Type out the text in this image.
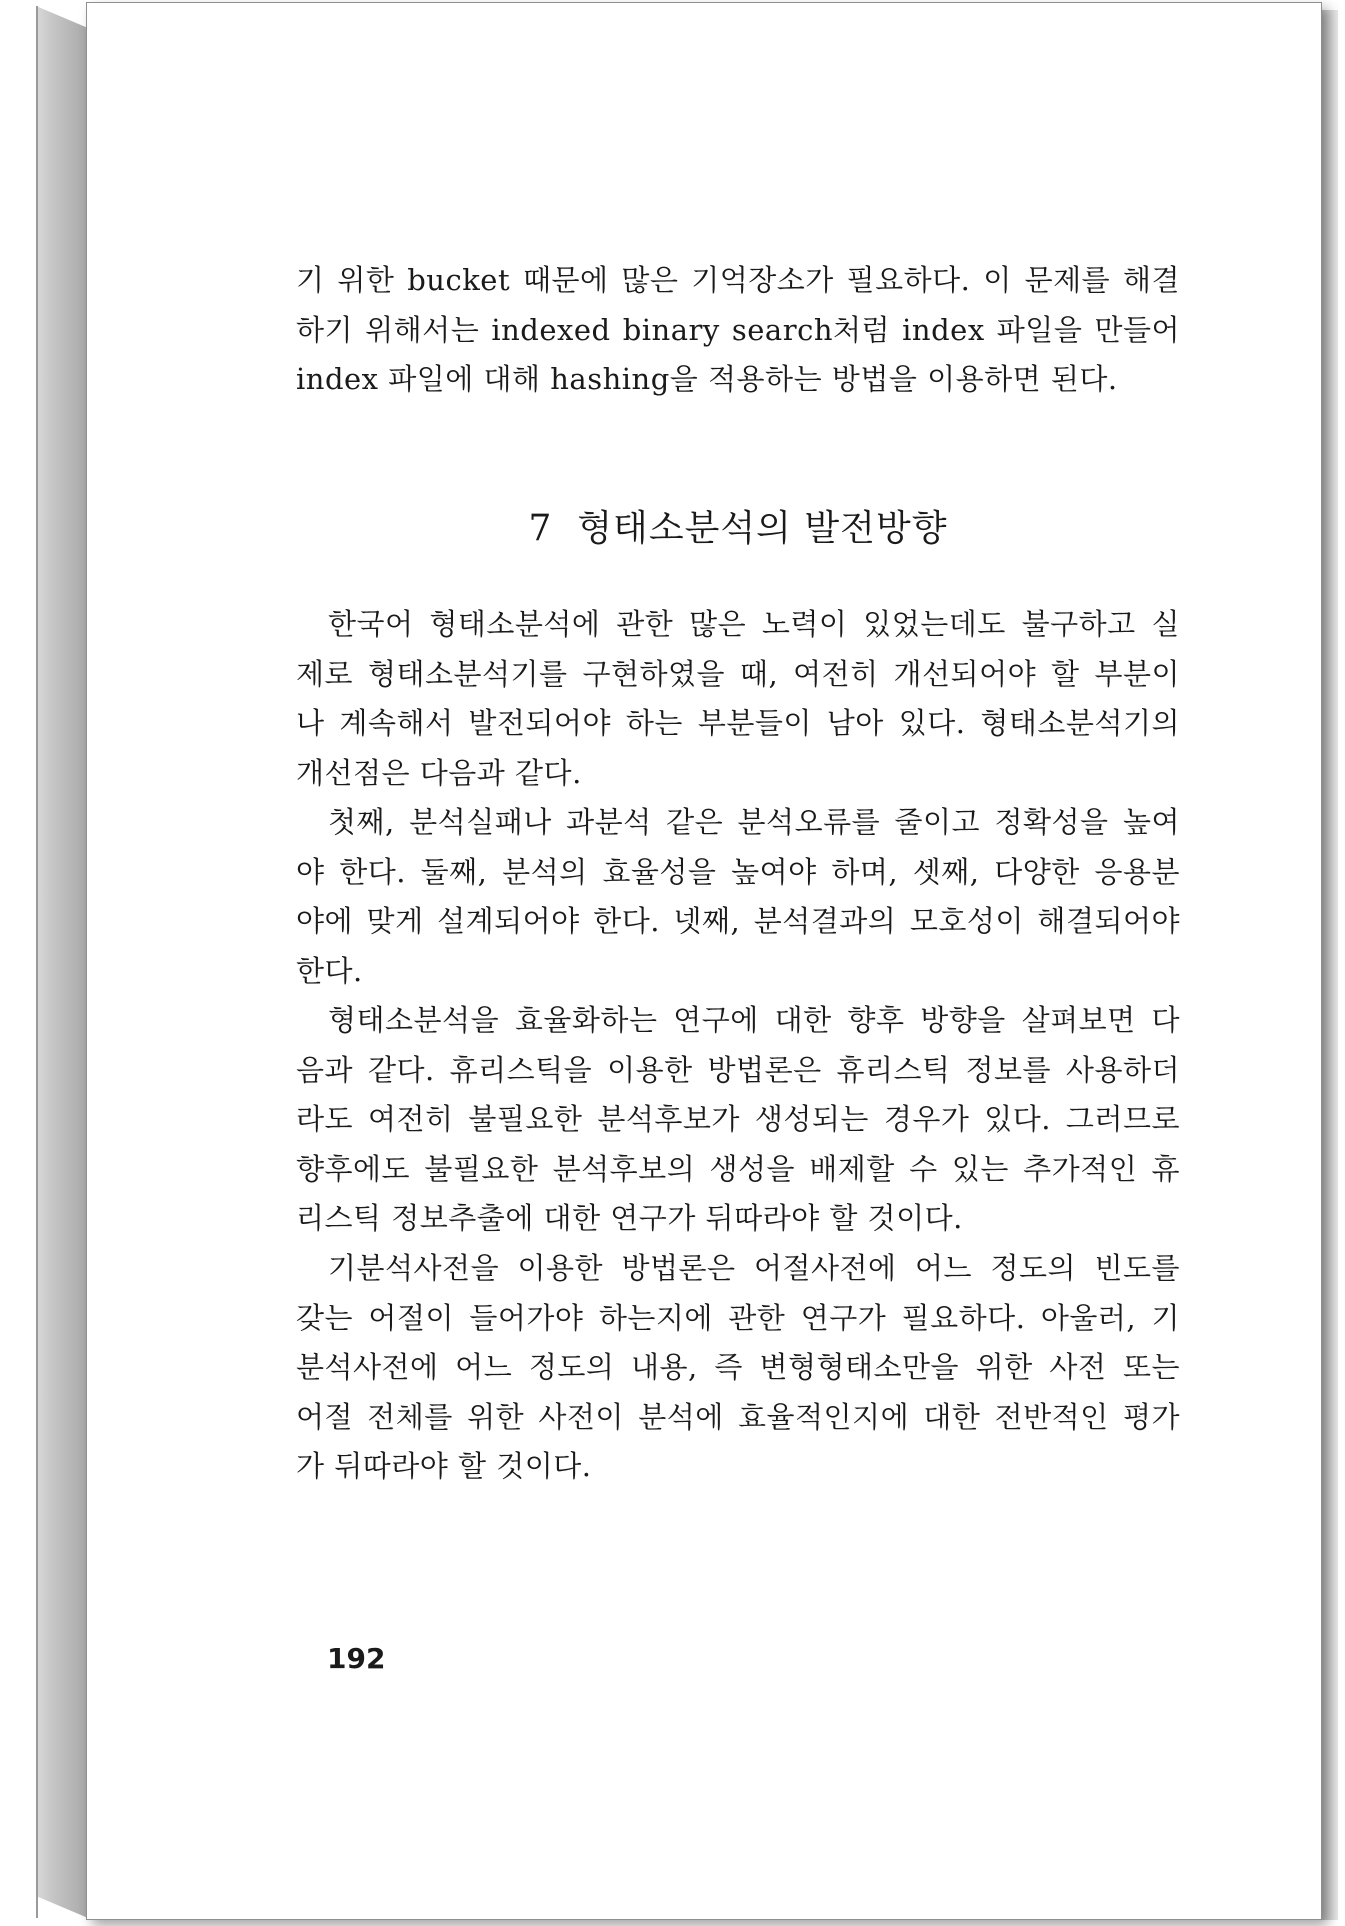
기 위한 bucket 때문에 많은 기억장소가 필요하다. 이 문제를 해결
하기 위해서는 indexed binary search처럼 index 파일을 만들어
index 파일에 대해 hashing을 적용하는 방법을 이용하면 된다.
7 형태소분석의 발전방향
한국어 형태소분석에 관한 많은 노력이 있었는데도 불구하고 실
제로 형태소분석기를 구현하였을 때, 여전히 개선되어야 할 부분이
나 계속해서 발전되어야 하는 부분들이 남아 있다. 형태소분석기의
개선점은 다음과 같다.
첫째, 분석실패나 과분석 같은 분석오류를 줄이고 정확성을 높여
야 한다. 둘째, 분석의 효율성을 높여야 하며, 셋째, 다양한 응용분
야에 맞게 설계되어야 한다. 넷째, 분석결과의 모호성이 해결되어야
한다.
형태소분석을 효율화하는 연구에 대한 향후 방향을 살펴보면 다
음과 같다. 휴리스틱을 이용한 방법론은 휴리스틱 정보를 사용하더
라도 여전히 불필요한 분석후보가 생성되는 경우가 있다. 그러므로
향후에도 불필요한 분석후보의 생성을 배제할 수 있는 추가적인 휴
리스틱 정보추출에 대한 연구가 뒤따라야 할 것이다.
기분석사전을 이용한 방법론은 어절사전에 어느 정도의 빈도를
갖는 어절이 들어가야 하는지에 관한 연구가 필요하다. 아울러, 기
분석사전에 어느 정도의 내용, 즉 변형형태소만을 위한 사전 또는
어절 전체를 위한 사전이 분석에 효율적인지에 대한 전반적인 평가
가 뒤따라야 할 것이다.
192
